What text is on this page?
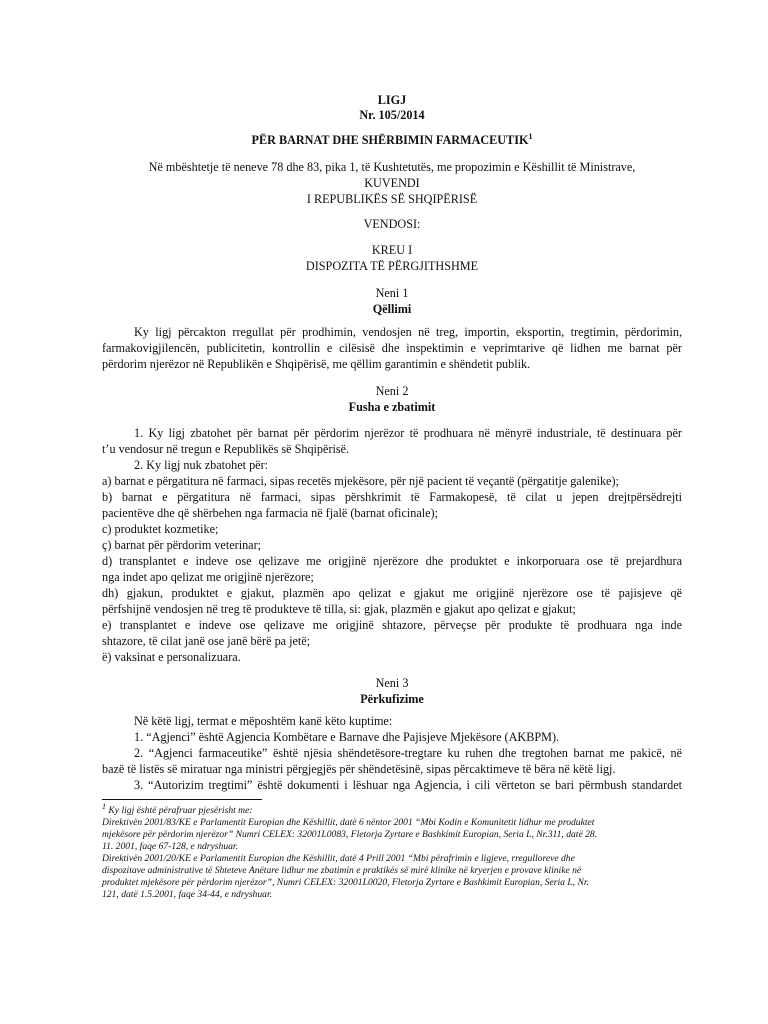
LIGJ
Nr. 105/2014
PËR BARNAT DHE SHËRBIMIN FARMACEUTIK$^1$
Në mbështetje të neneve 78 dhe 83, pika 1, të Kushtetutës, me propozimin e Këshillit të Ministrave,
KUVENDI
I REPUBLIKËS SË SHQIPËRISË
VENDOSI:
KREU I
DISPOZITA TË PËRGJITHSHME
Neni 1
Qëllimi
Ky ligj përcakton rregullat për prodhimin, vendosjen në treg, importin, eksportin, tregtimin, përdorimin,
farmakovigjilencën, publicitetin, kontrollin e cilësisë dhe inspektimin e veprimtarive që lidhen me barnat për
përdorim njerëzor në Republikën e Shqipërisë, me qëllim garantimin e shëndetit publik.
Neni 2
Fusha e zbatimit
1. Ky ligj zbatohet për barnat për përdorim njerëzor të prodhuara në mënyrë industriale, të destinuara për
t’u vendosur në tregun e Republikës së Shqipërisë.
2. Ky ligj nuk zbatohet për:
a) barnat e përgatitura në farmaci, sipas recetës mjekësore, për një pacient të veçantë (përgatitje galenike);
b) barnat e përgatitura në farmaci, sipas përshkrimit të Farmakopesë, të cilat u jepen drejtpërsëdrejti
pacientëve dhe që shërbehen nga farmacia në fjalë (barnat oficinale);
c) produktet kozmetike;
ç) barnat për përdorim veterinar;
d) transplantet e indeve ose qelizave me origjinë njerëzore dhe produktet e inkorporuara ose të prejardhura
nga indet apo qelizat me origjinë njerëzore;
dh) gjakun, produktet e gjakut, plazmën apo qelizat e gjakut me origjinë njerëzore ose të pajisjeve që
përfshijnë vendosjen në treg të produkteve të tilla, si: gjak, plazmën e gjakut apo qelizat e gjakut;
e) transplantet e indeve ose qelizave me origjinë shtazore, përveçse për produkte të prodhuara nga inde
shtazore, të cilat janë ose janë bërë pa jetë;
ë) vaksinat e personalizuara.
Neni 3
Përkufizime
Në këtë ligj, termat e mëposhtëm kanë këto kuptime:
1. “Agjenci” është Agjencia Kombëtare e Barnave dhe Pajisjeve Mjekësore (AKBPM).
2. “Agjenci farmaceutike” është njësia shëndetësore-tregtare ku ruhen dhe tregtohen barnat me pakicë, në
bazë të listës së miratuar nga ministri përgjegjës për shëndetësinë, sipas përcaktimeve të bëra në këtë ligj.
3. “Autorizim tregtimi” është dokumenti i lëshuar nga Agjencia, i cili vërteton se bari përmbush standardet
$^1$ Ky ligj është përafruar pjesërisht me:
Direktivën 2001/83/KE e Parlamentit Europian dhe Këshillit, datë 6 nëntor 2001 “Mbi Kodin e Komunitetit lidhur me produktet
mjekësore për përdorim njerëzor” Numri CELEX: 32001L0083, Fletorja Zyrtare e Bashkimit Europian, Seria L, Nr.311, datë 28.
11. 2001, faqe 67-128, e ndryshuar.
Direktivën 2001/20/KE e Parlamentit Europian dhe Këshillit, datë 4 Prill 2001 “Mbi përafrimin e ligjeve, rregulloreve dhe
dispozitave administrative të Shteteve Anëtare lidhur me zbatimin e praktikës së mirë klinike në kryerjen e provave klinike në
produktet mjekësore për përdorim njerëzor”, Numri CELEX: 32001L0020, Fletorja Zyrtare e Bashkimit Europian, Seria L, Nr.
121, datë 1.5.2001, faqe 34-44, e ndryshuar.
